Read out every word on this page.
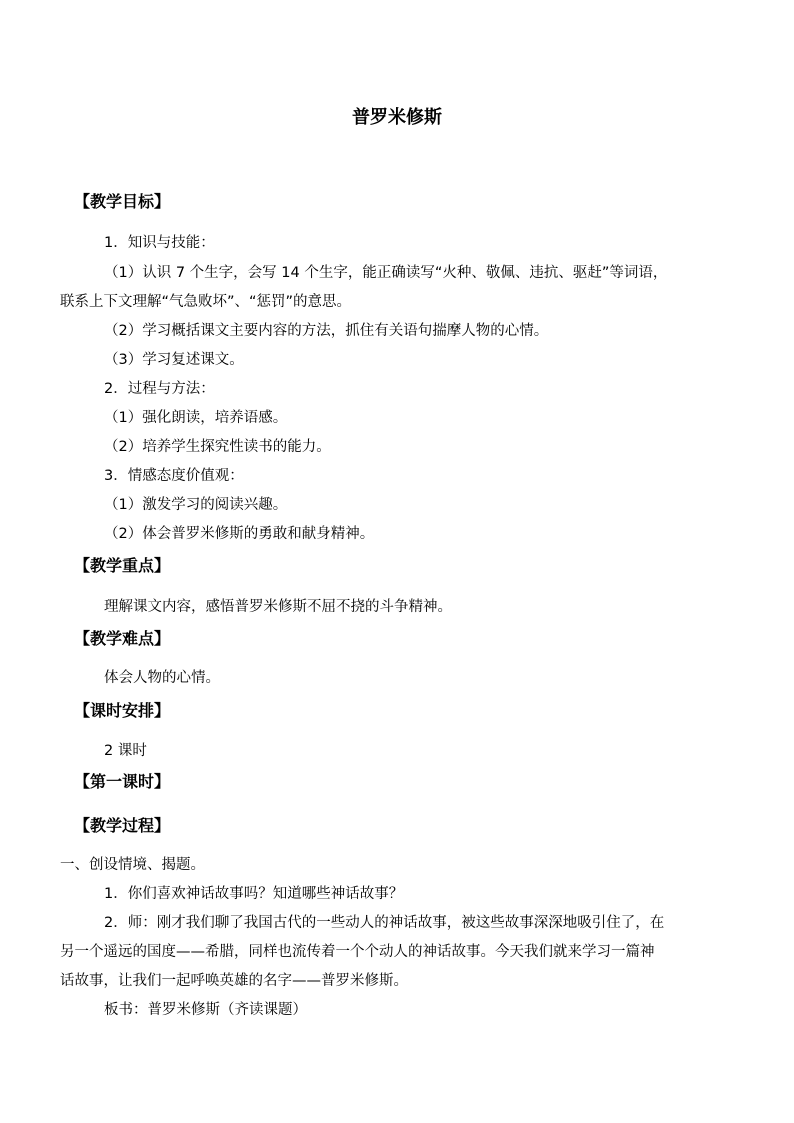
普罗米修斯
【教学目标】
1．知识与技能：
（1）认识 7 个生字，会写 14 个生字，能正确读写“火种、敬佩、违抗、驱赶”等词语，
联系上下文理解“气急败坏”、“惩罚”的意思。
（2）学习概括课文主要内容的方法，抓住有关语句揣摩人物的心情。
（3）学习复述课文。
2．过程与方法：
（1）强化朗读，培养语感。
（2）培养学生探究性读书的能力。
3．情感态度价值观：
（1）激发学习的阅读兴趣。
（2）体会普罗米修斯的勇敢和献身精神。
【教学重点】
理解课文内容，感悟普罗米修斯不屈不挠的斗争精神。
【教学难点】
体会人物的心情。
【课时安排】
2 课时
【第一课时】
【教学过程】
一、创设情境、揭题。
1．你们喜欢神话故事吗？知道哪些神话故事？
2．师：刚才我们聊了我国古代的一些动人的神话故事，被这些故事深深地吸引住了，在
另一个遥远的国度——希腊，同样也流传着一个个动人的神话故事。今天我们就来学习一篇神
话故事，让我们一起呼唤英雄的名字——普罗米修斯。
板书：普罗米修斯（齐读课题）
